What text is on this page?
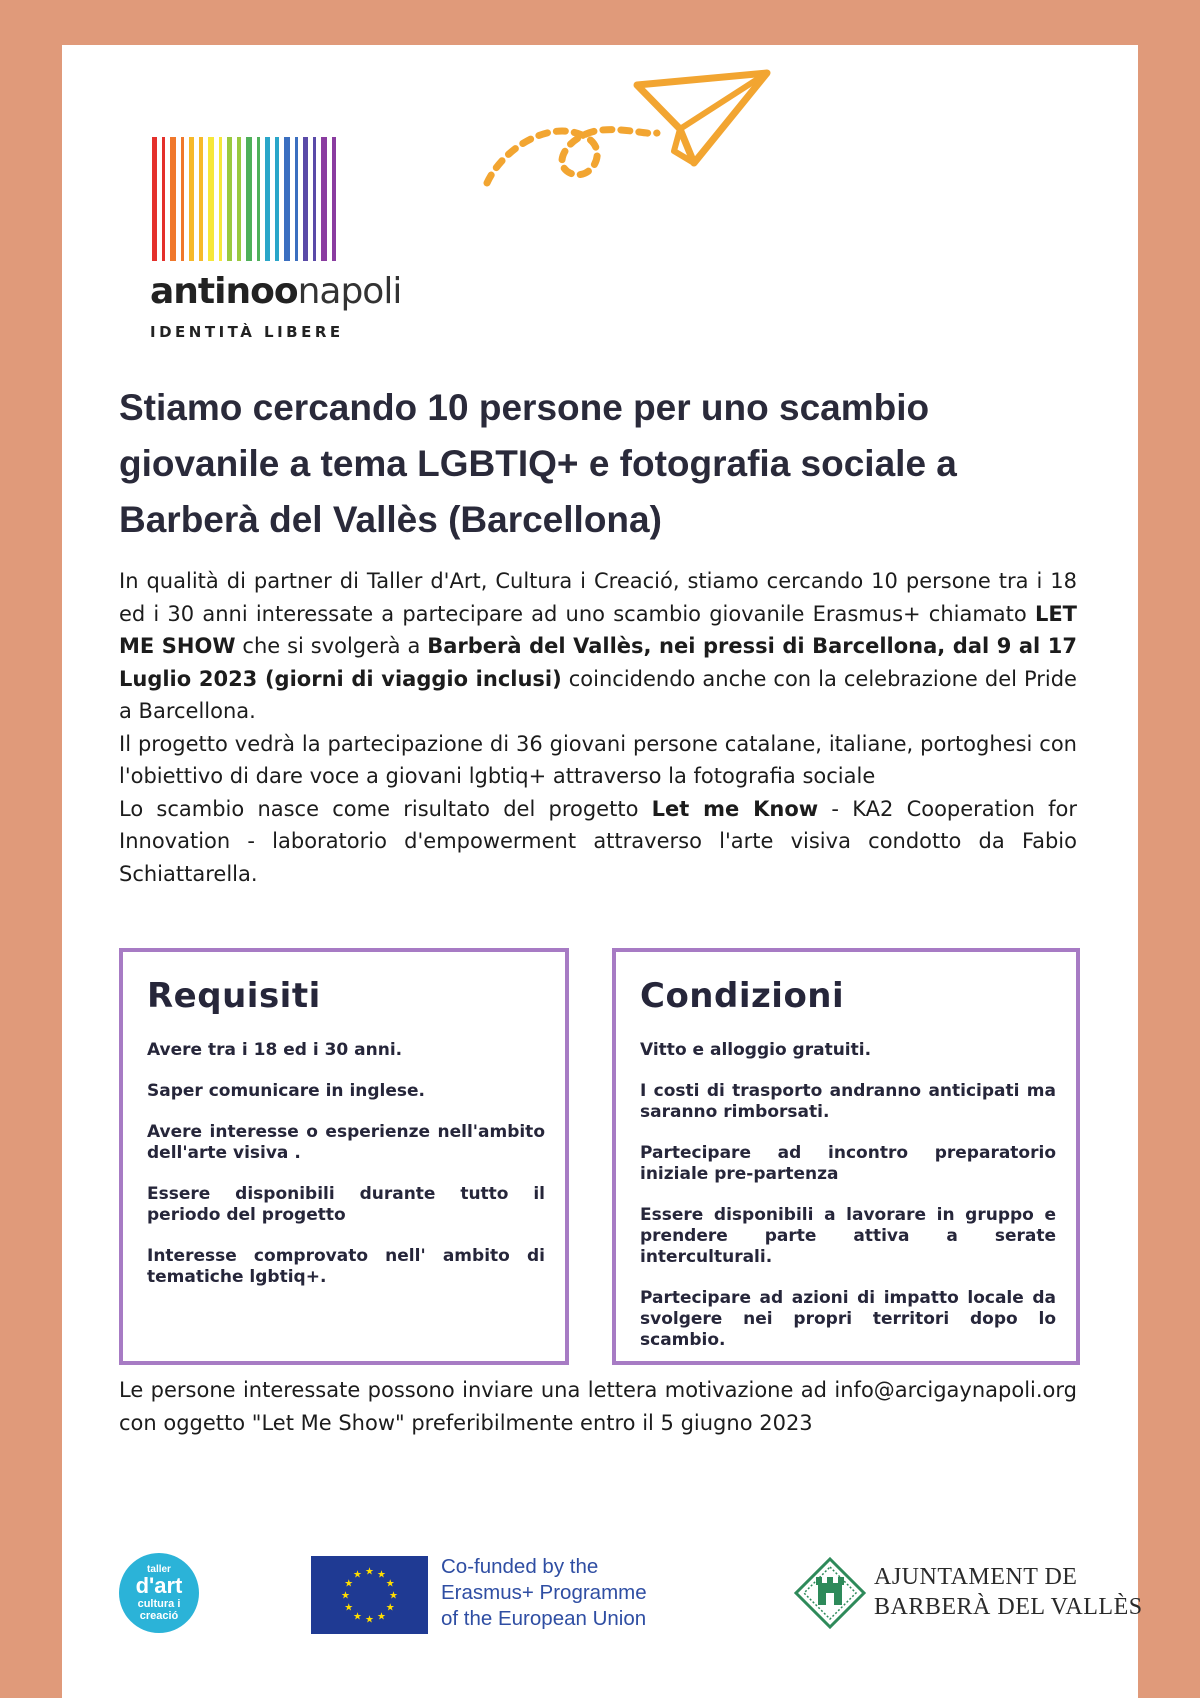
antinoonapoli
IDENTITÀ LIBERE
Stiamo cercando 10 persone per uno scambio
giovanile a tema LGBTIQ+ e fotografia sociale a
Barberà del Vallès (Barcellona)

In qualità di partner di Taller d'Art, Cultura i Creació, stiamo cercando 10 persone tra i 18 ed i 30 anni interessate a partecipare ad uno scambio giovanile Erasmus+ chiamato LET ME SHOW che si svolgerà a Barberà del Vallès, nei pressi di Barcellona, dal 9 al 17 Luglio 2023 (giorni di viaggio inclusi) coincidendo anche con la celebrazione del Pride a Barcellona.

Il progetto vedrà la partecipazione di 36 giovani persone catalane, italiane, portoghesi con l'obiettivo di dare voce a giovani lgbtiq+ attraverso la fotografia sociale

Lo scambio nasce come risultato del progetto Let me Know - KA2 Cooperation for Innovation - laboratorio d'empowerment attraverso l'arte visiva condotto da Fabio Schiattarella.

Requisiti
Avere tra i 18 ed i 30 anni.
Saper comunicare in inglese.
Avere interesse o esperienze nell'ambito dell'arte visiva .
Essere disponibili durante tutto il periodo del progetto
Interesse comprovato nell' ambito di tematiche lgbtiq+.
Condizioni
Vitto e alloggio gratuiti.
I costi di trasporto andranno anticipati ma saranno rimborsati.
Partecipare ad incontro preparatorio iniziale pre-partenza
Essere disponibili a lavorare in gruppo e prendere parte attiva a serate interculturali.
Partecipare ad azioni di impatto locale da svolgere nei propri territori dopo lo scambio.

Le persone interessate possono inviare una lettera motivazione ad info@arcigaynapoli.org con oggetto "Let Me Show" preferibilmente entro il 5 giugno 2023

taller
d'art
cultura i
creació
★
★
★
★
★
★
★
★
★ ★ ★
★
Co-funded by the
Erasmus+ Programme
of the European Union
AJUNTAMENT DE
BARBERÀ DEL VALLÈS
